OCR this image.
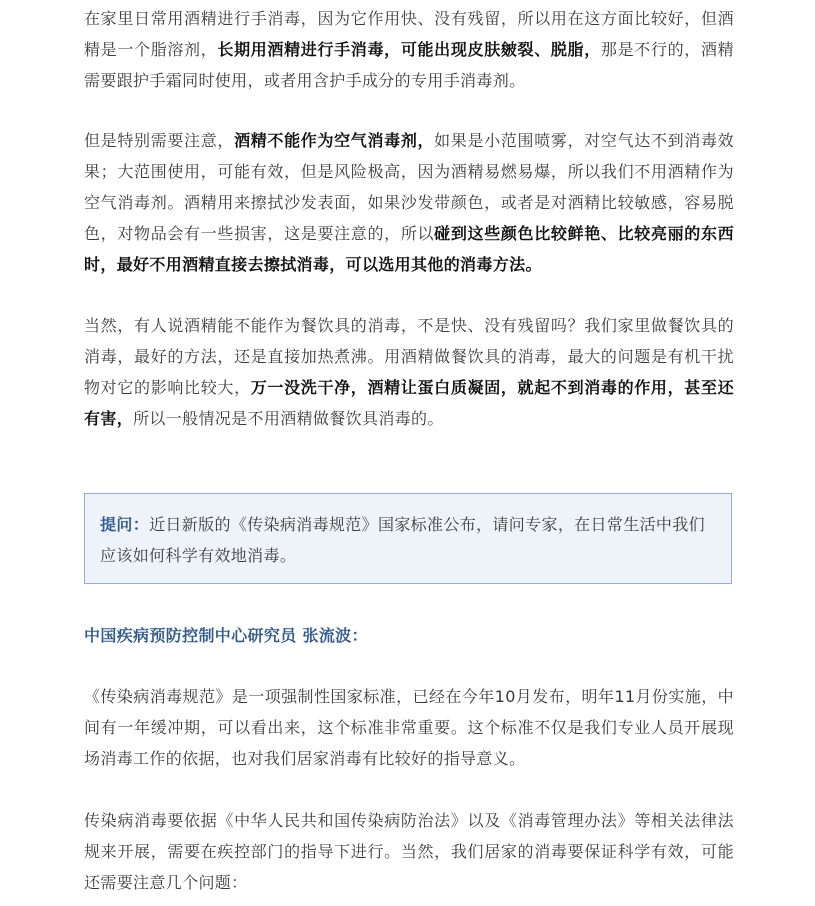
在家里日常用酒精进行手消毒，因为它作用快、没有残留，所以用在这方面比较好，但酒精是一个脂溶剂，长期用酒精进行手消毒，可能出现皮肤皴裂、脱脂，那是不行的，酒精需要跟护手霜同时使用，或者用含护手成分的专用手消毒剂。

但是特别需要注意，酒精不能作为空气消毒剂，如果是小范围喷雾，对空气达不到消毒效果；大范围使用，可能有效，但是风险极高，因为酒精易燃易爆，所以我们不用酒精作为空气消毒剂。酒精用来擦拭沙发表面，如果沙发带颜色，或者是对酒精比较敏感，容易脱色，对物品会有一些损害，这是要注意的，所以碰到这些颜色比较鲜艳、比较亮丽的东西时，最好不用酒精直接去擦拭消毒，可以选用其他的消毒方法。

当然，有人说酒精能不能作为餐饮具的消毒，不是快、没有残留吗？我们家里做餐饮具的消毒，最好的方法，还是直接加热煮沸。用酒精做餐饮具的消毒，最大的问题是有机干扰物对它的影响比较大，万一没洗干净，酒精让蛋白质凝固，就起不到消毒的作用，甚至还有害，所以一般情况是不用酒精做餐饮具消毒的。

提问：近日新版的《传染病消毒规范》国家标准公布，请问专家，在日常生活中我们应该如何科学有效地消毒。

中国疾病预防控制中心研究员 张流波：

《传染病消毒规范》是一项强制性国家标准，已经在今年10月发布，明年11月份实施，中间有一年缓冲期，可以看出来，这个标准非常重要。这个标准不仅是我们专业人员开展现场消毒工作的依据，也对我们居家消毒有比较好的指导意义。

传染病消毒要依据《中华人民共和国传染病防治法》以及《消毒管理办法》等相关法律法规来开展，需要在疾控部门的指导下进行。当然，我们居家的消毒要保证科学有效，可能还需要注意几个问题：
